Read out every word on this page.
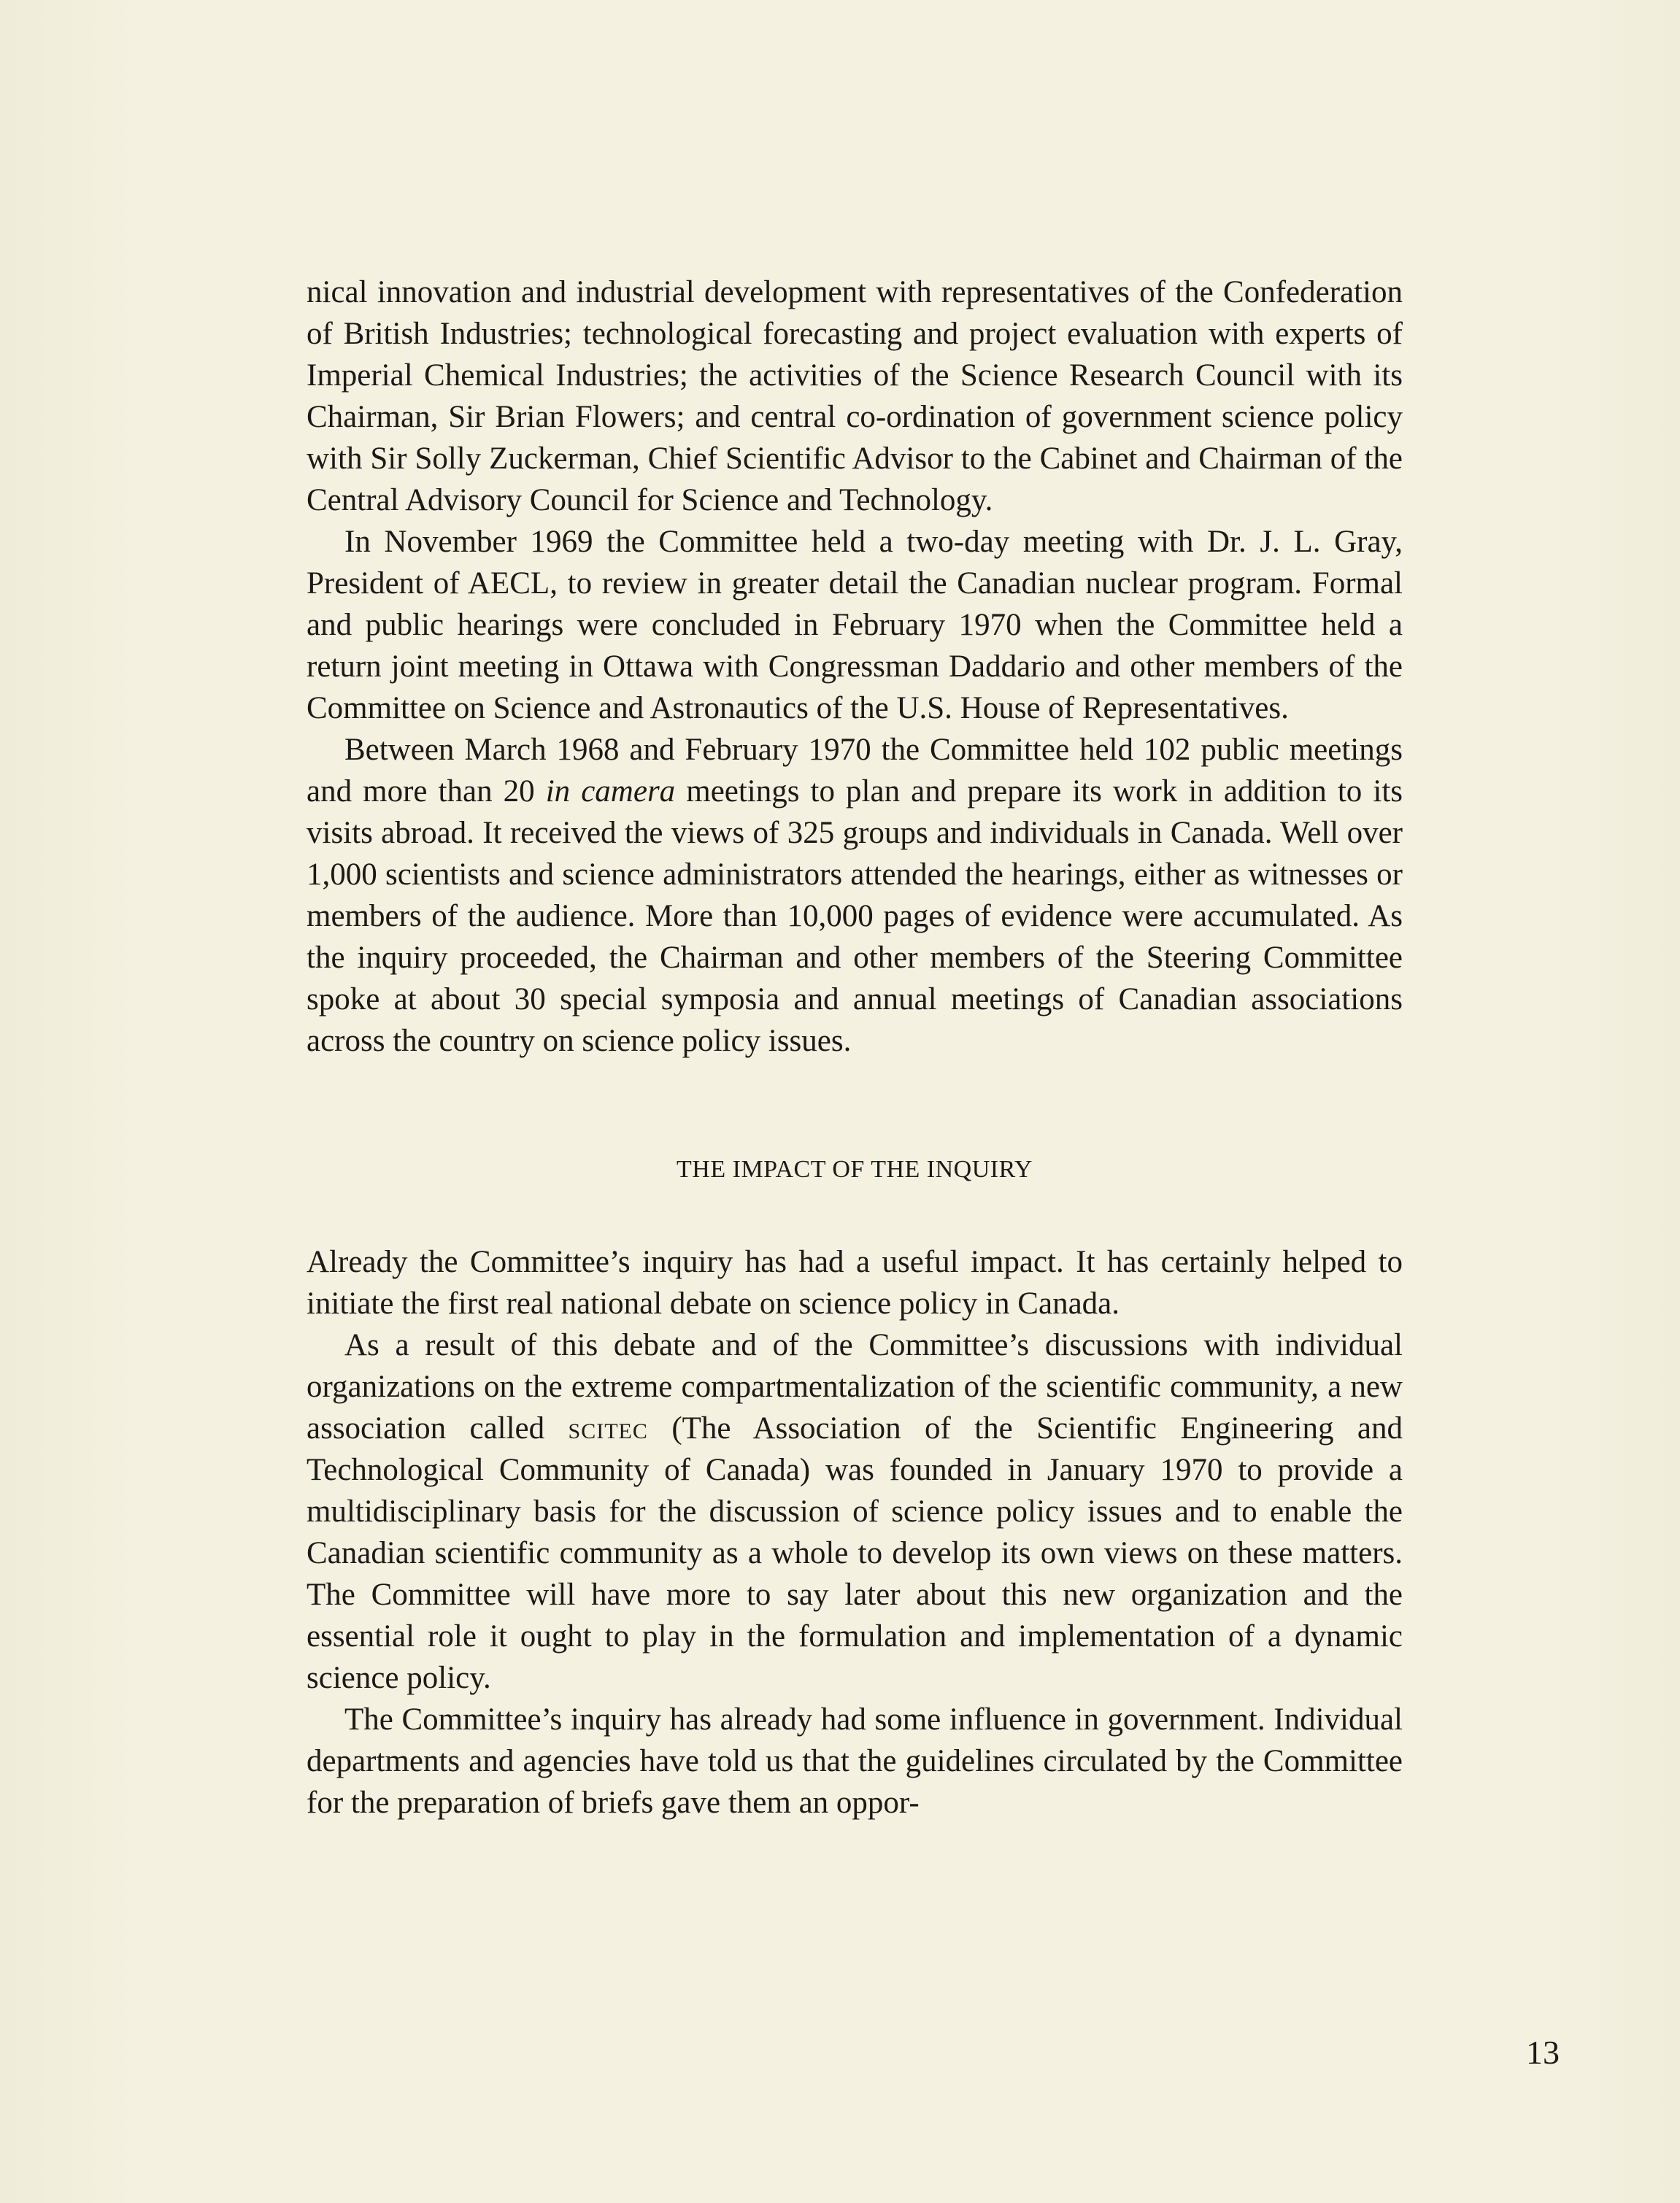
nical innovation and industrial development with representatives of the Confederation of British Industries; technological forecasting and project evaluation with experts of Imperial Chemical Industries; the activities of the Science Research Council with its Chairman, Sir Brian Flowers; and central co-ordination of government science policy with Sir Solly Zuckerman, Chief Scientific Advisor to the Cabinet and Chairman of the Central Advisory Council for Science and Technology.

In November 1969 the Committee held a two-day meeting with Dr. J. L. Gray, President of AECL, to review in greater detail the Canadian nuclear program. Formal and public hearings were concluded in February 1970 when the Committee held a return joint meeting in Ottawa with Congressman Daddario and other members of the Committee on Science and Astronautics of the U.S. House of Representatives.

Between March 1968 and February 1970 the Committee held 102 public meetings and more than 20 in camera meetings to plan and prepare its work in addition to its visits abroad. It received the views of 325 groups and individuals in Canada. Well over 1,000 scientists and science administrators attended the hearings, either as witnesses or members of the audience. More than 10,000 pages of evidence were accumulated. As the inquiry proceeded, the Chairman and other members of the Steering Committee spoke at about 30 special symposia and annual meetings of Canadian associations across the country on science policy issues.

THE IMPACT OF THE INQUIRY

Already the Committee’s inquiry has had a useful impact. It has certainly helped to initiate the first real national debate on science policy in Canada.

As a result of this debate and of the Committee’s discussions with individual organizations on the extreme compartmentalization of the scientific community, a new association called scitec (The Association of the Scientific Engineering and Technological Community of Canada) was founded in January 1970 to provide a multidisciplinary basis for the discussion of science policy issues and to enable the Canadian scientific community as a whole to develop its own views on these matters. The Committee will have more to say later about this new organization and the essential role it ought to play in the formulation and implementation of a dynamic science policy.

The Committee’s inquiry has already had some influence in government. Individual departments and agencies have told us that the guidelines circulated by the Committee for the preparation of briefs gave them an oppor-

13
